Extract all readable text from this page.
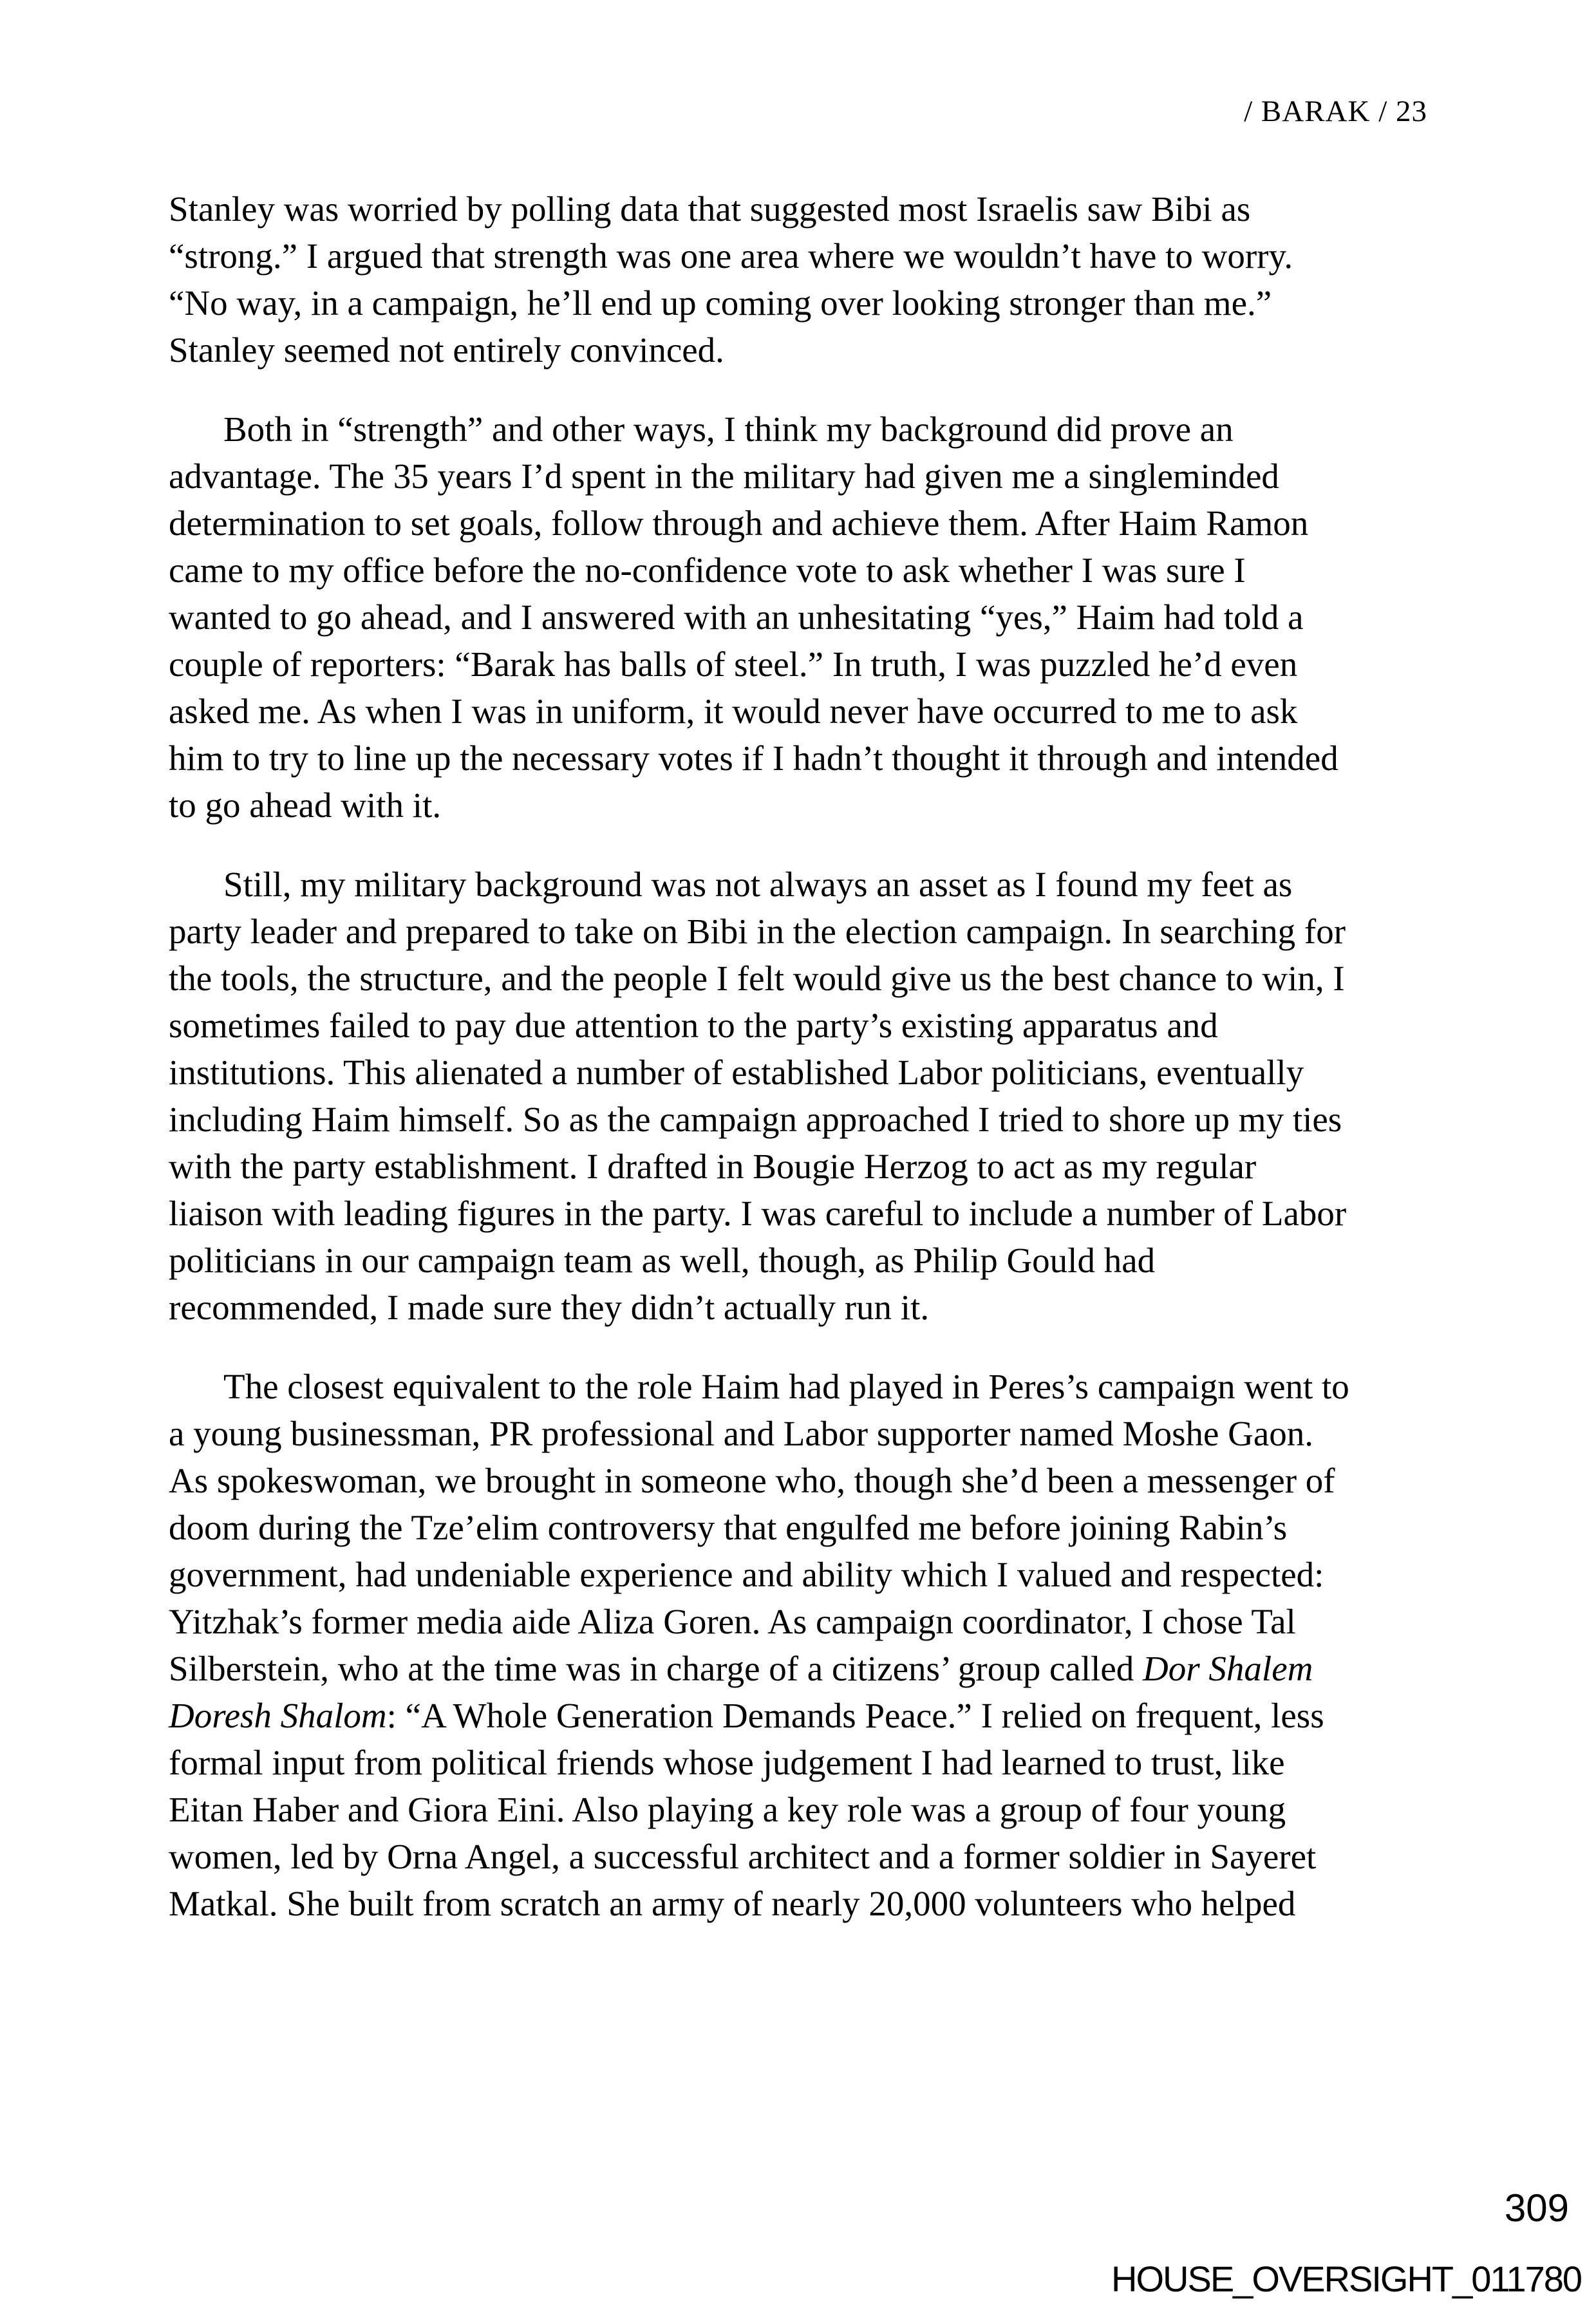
/ BARAK / 23
Stanley was worried by polling data that suggested most Israelis saw Bibi as
“strong.” I argued that strength was one area where we wouldn’t have to worry.
“No way, in a campaign, he’ll end up coming over looking stronger than me.”
Stanley seemed not entirely convinced.
Both in “strength” and other ways, I think my background did prove an
advantage. The 35 years I’d spent in the military had given me a singleminded
determination to set goals, follow through and achieve them. After Haim Ramon
came to my office before the no-confidence vote to ask whether I was sure I
wanted to go ahead, and I answered with an unhesitating “yes,” Haim had told a
couple of reporters: “Barak has balls of steel.” In truth, I was puzzled he’d even
asked me. As when I was in uniform, it would never have occurred to me to ask
him to try to line up the necessary votes if I hadn’t thought it through and intended
to go ahead with it.
Still, my military background was not always an asset as I found my feet as
party leader and prepared to take on Bibi in the election campaign. In searching for
the tools, the structure, and the people I felt would give us the best chance to win, I
sometimes failed to pay due attention to the party’s existing apparatus and
institutions. This alienated a number of established Labor politicians, eventually
including Haim himself. So as the campaign approached I tried to shore up my ties
with the party establishment. I drafted in Bougie Herzog to act as my regular
liaison with leading figures in the party. I was careful to include a number of Labor
politicians in our campaign team as well, though, as Philip Gould had
recommended, I made sure they didn’t actually run it.
The closest equivalent to the role Haim had played in Peres’s campaign went to
a young businessman, PR professional and Labor supporter named Moshe Gaon.
As spokeswoman, we brought in someone who, though she’d been a messenger of
doom during the Tze’elim controversy that engulfed me before joining Rabin’s
government, had undeniable experience and ability which I valued and respected:
Yitzhak’s former media aide Aliza Goren. As campaign coordinator, I chose Tal
Silberstein, who at the time was in charge of a citizens’ group called Dor Shalem
Doresh Shalom: “A Whole Generation Demands Peace.” I relied on frequent, less
formal input from political friends whose judgement I had learned to trust, like
Eitan Haber and Giora Eini. Also playing a key role was a group of four young
women, led by Orna Angel, a successful architect and a former soldier in Sayeret
Matkal. She built from scratch an army of nearly 20,000 volunteers who helped
309
HOUSE_OVERSIGHT_011780
